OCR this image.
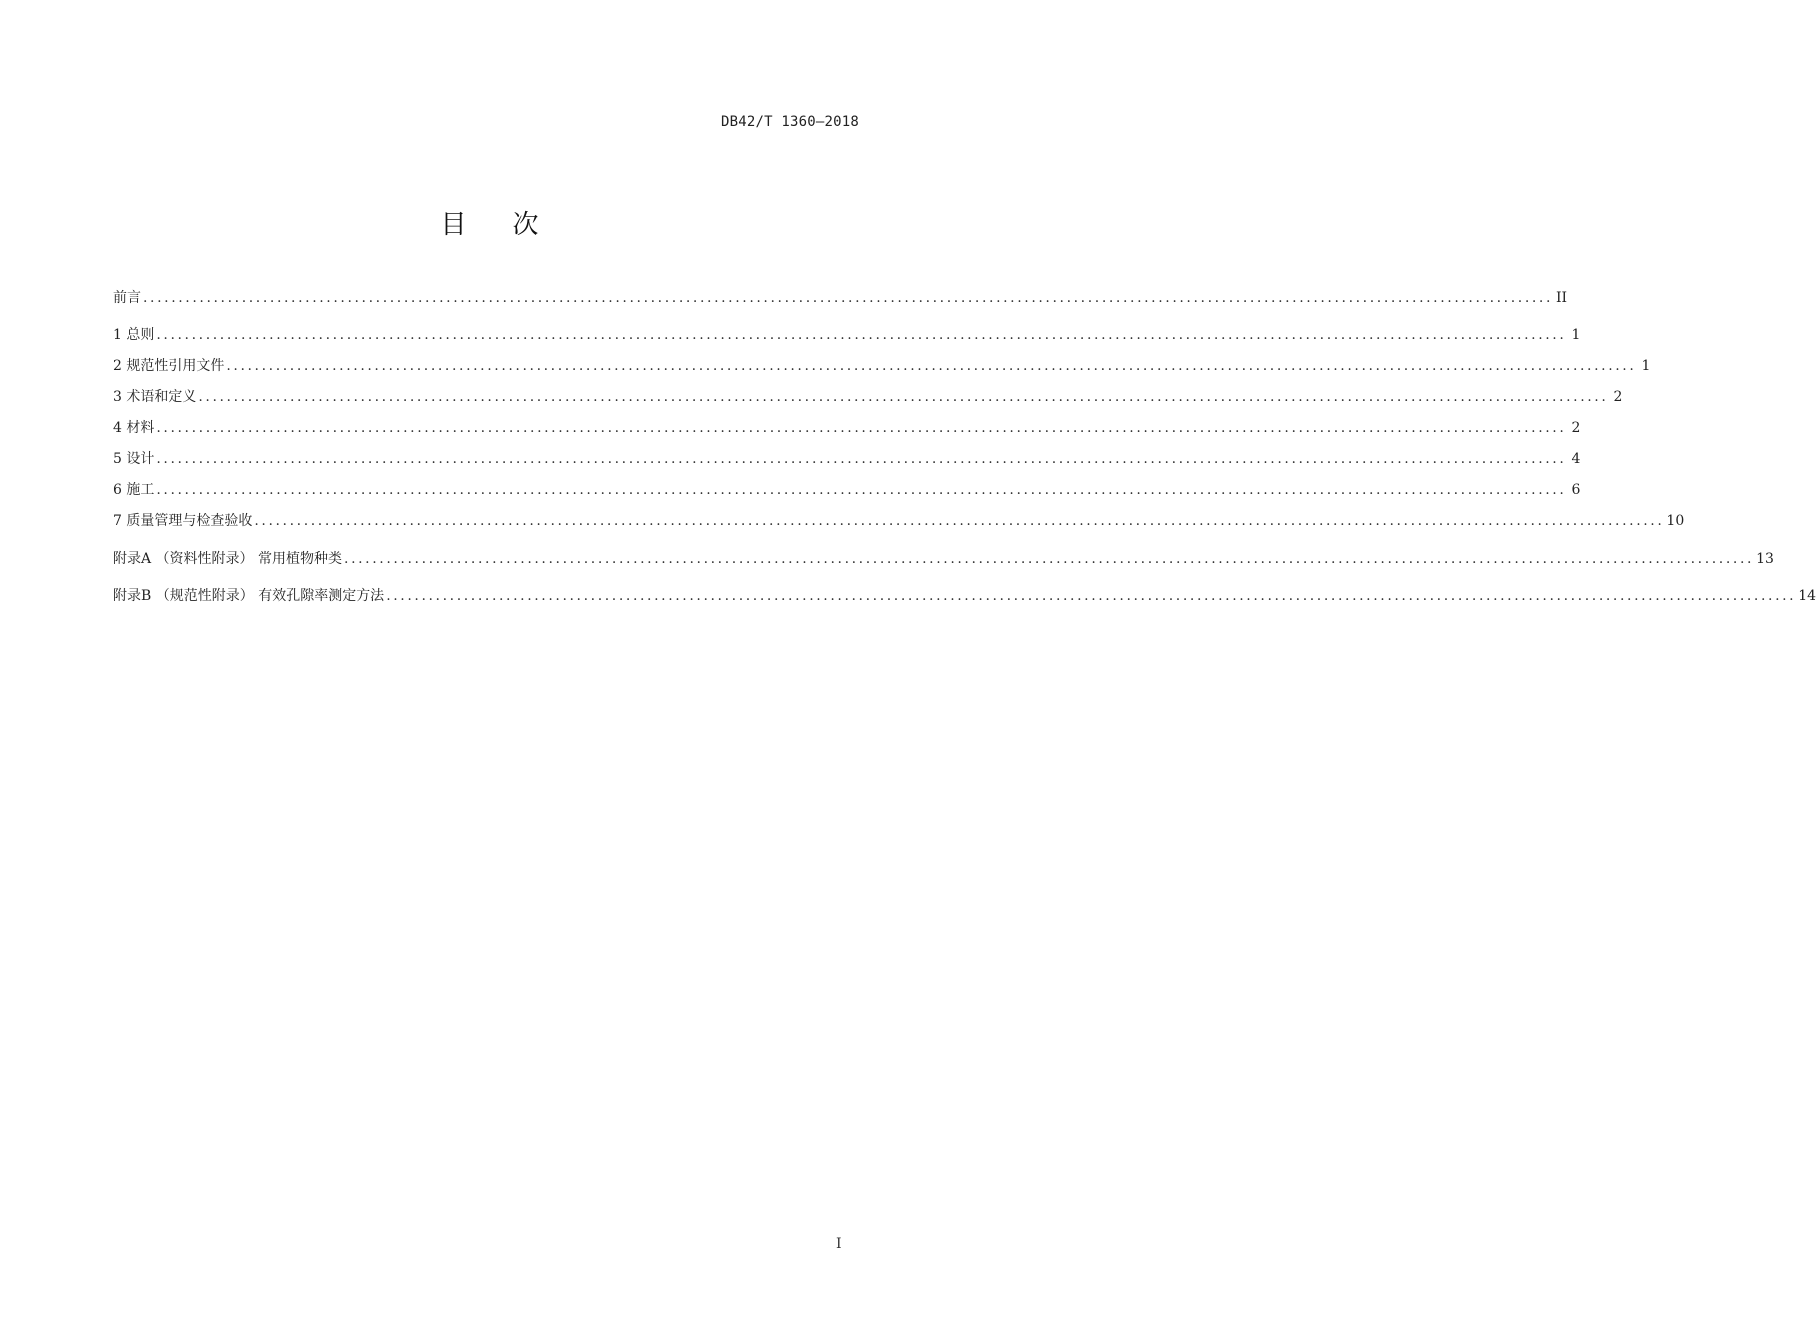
DB42/T 1360—2018
目次
前言 ........................................................................................................................................................................................................ II
1 总则 ........................................................................................................................................................................................................ 1
2 规范性引用文件 ........................................................................................................................................................................................................ 1
3 术语和定义 ........................................................................................................................................................................................................ 2
4 材料 ........................................................................................................................................................................................................ 2
5 设计 ........................................................................................................................................................................................................ 4
6 施工 ........................................................................................................................................................................................................ 6
7 质量管理与检查验收 ........................................................................................................................................................................................................ 10
附录A （资料性附录） 常用植物种类 ........................................................................................................................................................................................................ 13
附录B （规范性附录） 有效孔隙率测定方法 ........................................................................................................................................................................................................ 14
I
